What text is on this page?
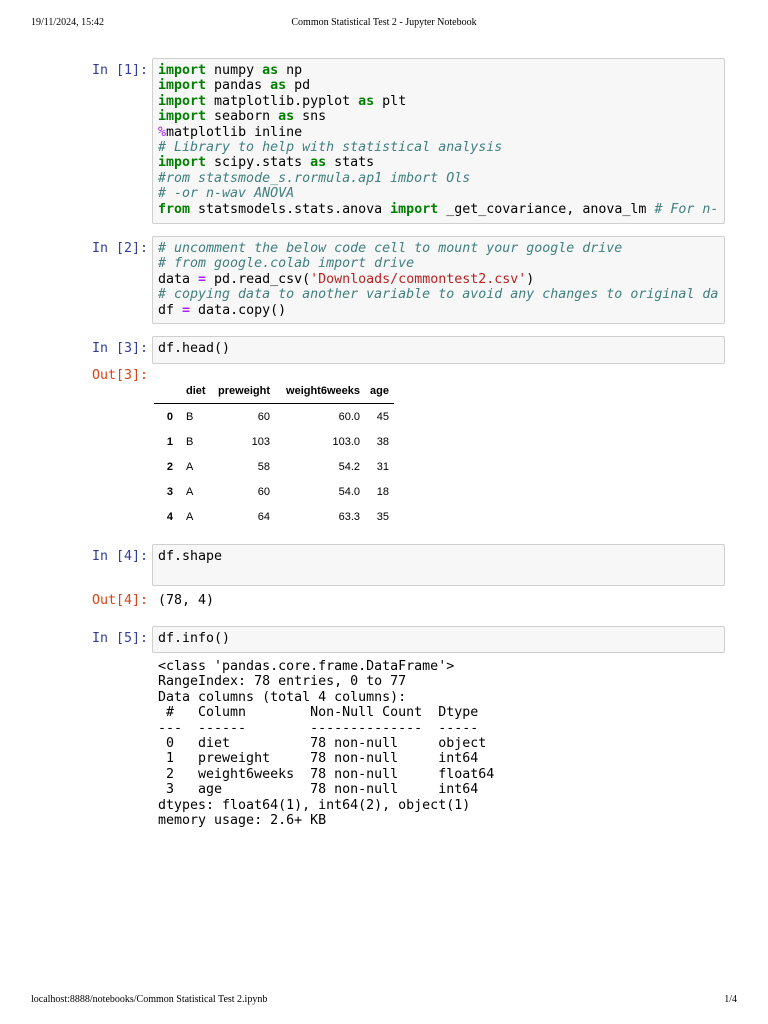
19/11/2024, 15:42	Common Statistical Test 2 - Jupyter Notebook
In [1]: import numpy as np
import pandas as pd
import matplotlib.pyplot as plt
import seaborn as sns
%matplotlib inline
# Library to help with statistical analysis
import scipy.stats as stats
#rom statsmode_s.rormula.ap1 imbort Ols
# -or n-wav ANOVA
from statsmodels.stats.anova import _get_covariance, anova_lm # For n-
In [2]: # uncomment the below code cell to mount your google drive
# from google.colab import drive
data = pd.read_csv('Downloads/commontest2.csv')
# copying data to another variable to avoid any changes to original da
df = data.copy()
In [3]: df.head()
Out[3]:
	diet	preweight	weight6weeks	age
0	B	60	60.0	45
1	B	103	103.0	38
2	A	58	54.2	31
3	A	60	54.0	18
4	A	64	63.3	35
In [4]: df.shape
Out[4]: (78, 4)
In [5]: df.info()
<class 'pandas.core.frame.DataFrame'>
RangeIndex: 78 entries, 0 to 77
Data columns (total 4 columns):
#   Column        Non-Null Count  Dtype
---  ------        --------------  -----
0   diet          78 non-null     object
1   preweight     78 non-null     int64
2   weight6weeks  78 non-null     float64
3   age           78 non-null     int64
dtypes: float64(1), int64(2), object(1)
memory usage: 2.6+ KB
localhost:8888/notebooks/Common Statistical Test 2.ipynb	1/4
